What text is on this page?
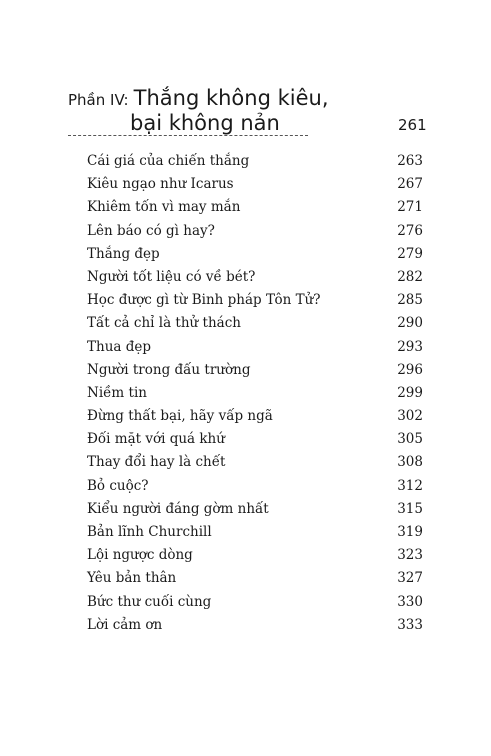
Phần IV: Thắng không kiêu,
bại không nản	261
Cái giá của chiến thắng	263
Kiêu ngạo như Icarus	267
Khiêm tốn vì may mắn	271
Lên báo có gì hay?	276
Thắng đẹp	279
Người tốt liệu có về bét?	282
Học được gì từ Binh pháp Tôn Tử?	285
Tất cả chỉ là thử thách	290
Thua đẹp	293
Người trong đấu trường	296
Niềm tin	299
Đừng thất bại, hãy vấp ngã	302
Đối mặt với quá khứ	305
Thay đổi hay là chết	308
Bỏ cuộc?	312
Kiểu người đáng gờm nhất	315
Bản lĩnh Churchill	319
Lội ngược dòng	323
Yêu bản thân	327
Bức thư cuối cùng	330
Lời cảm ơn	333
